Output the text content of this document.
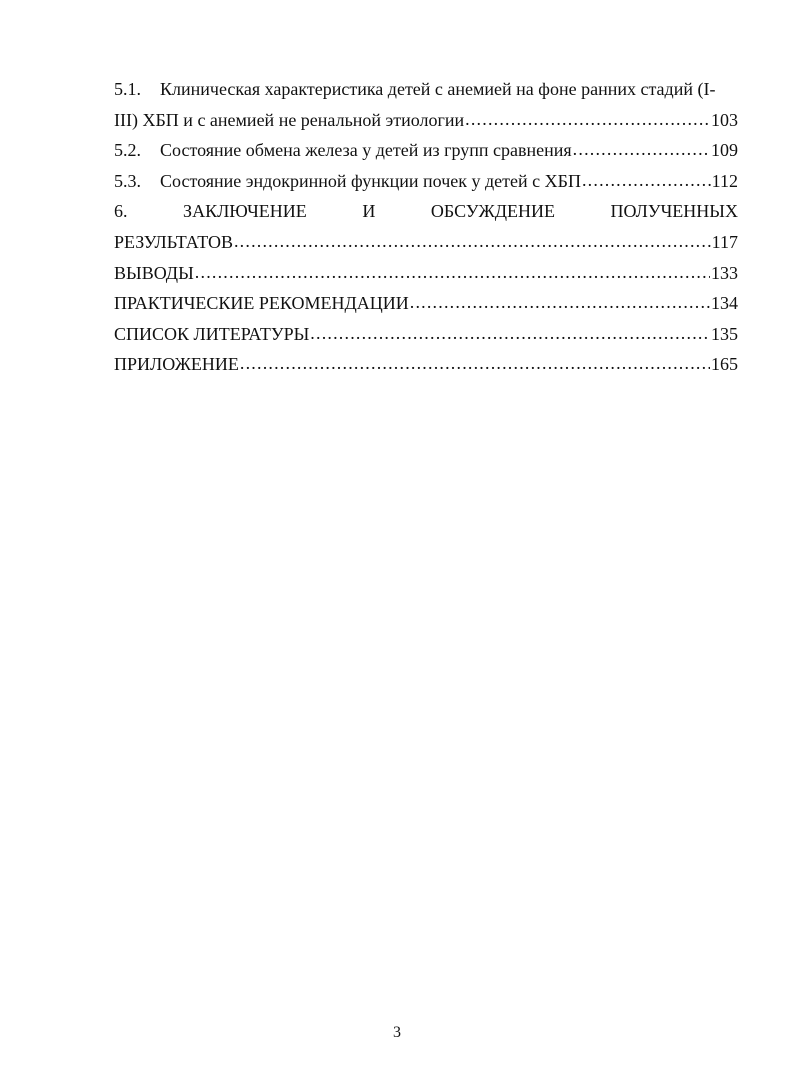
5.1.	Клиническая характеристика детей с анемией на фоне ранних стадий (I-
III) ХБП и с анемией не ренальной этиологии .....	103
5.2.	Состояние обмена железа у детей из групп сравнения .....	109
5.3.	Состояние эндокринной функции почек у детей с ХБП .....	112
6.	ЗАКЛЮЧЕНИЕ	И	ОБСУЖДЕНИЕ	ПОЛУЧЕННЫХ
РЕЗУЛЬТАТОВ .....	117
ВЫВОДЫ .....	133
ПРАКТИЧЕСКИЕ РЕКОМЕНДАЦИИ .....	134
СПИСОК ЛИТЕРАТУРЫ .....	135
ПРИЛОЖЕНИЕ .....	165
3
